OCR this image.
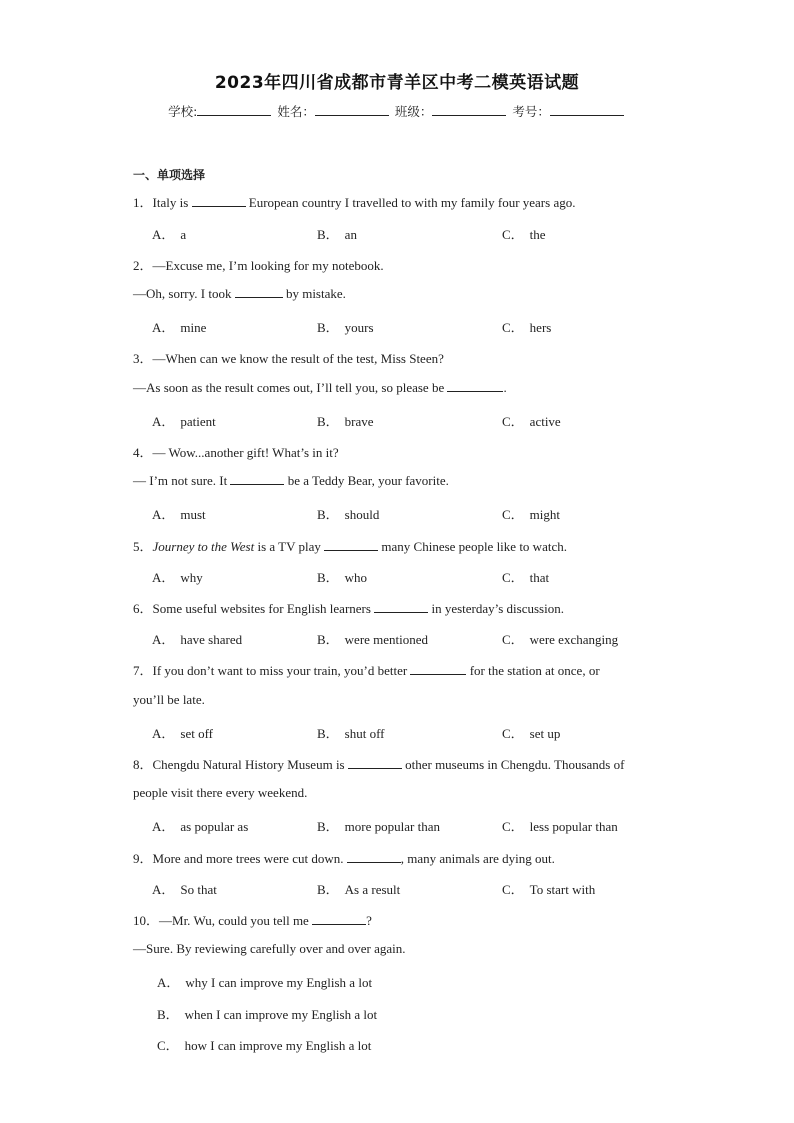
2023年四川省成都市青羊区中考二模英语试题
学校:	姓名：	班级：	考号：
一、单项选择
1．Italy is	European country I travelled to with my family four years ago.
A． a	B． an	C． the
2．—Excuse me, I’m looking for my notebook.
—Oh, sorry. I took	by mistake.
A． mine	B． yours	C． hers
3．—When can we know the result of the test, Miss Steen?
—As soon as the result comes out, I’ll tell you, so please be	.
A． patient	B． brave	C． active
4．— Wow...another gift! What’s in it?
— I’m not sure. It	be a Teddy Bear, your favorite.
A． must	B． should	C． might
5．Journey to the West is a TV play	many Chinese people like to watch.
A． why	B． who	C． that
6．Some useful websites for English learners	in yesterday’s discussion.
A． have shared	B． were mentioned	C． were exchanging
7．If you don’t want to miss your train, you’d better	for the station at once, or
you’ll be late.
A． set off	B． shut off	C． set up
8．Chengdu Natural History Museum is	other museums in Chengdu. Thousands of
people visit there every weekend.
A． as popular as	B． more popular than	C． less popular than
9．More and more trees were cut down.	, many animals are dying out.
A． So that	B． As a result	C． To start with
10．—Mr. Wu, could you tell me	?
—Sure. By reviewing carefully over and over again.
A． why I can improve my English a lot
B． when I can improve my English a lot
C． how I can improve my English a lot
